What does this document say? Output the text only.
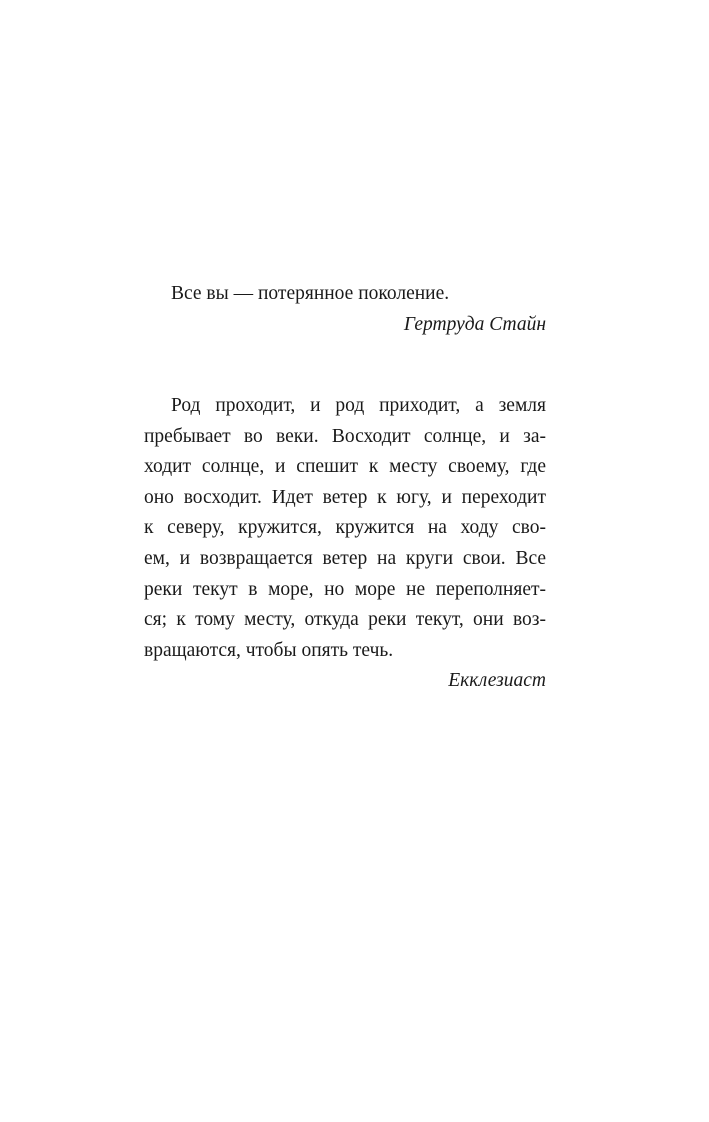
Все вы — потерянное поколение.
Гертруда Стайн
Род проходит, и род приходит, а земля
пребывает во веки. Восходит солнце, и за-
ходит солнце, и спешит к месту своему, где
оно восходит. Идет ветер к югу, и переходит
к северу, кружится, кружится на ходу сво-
ем, и возвращается ветер на круги свои. Все
реки текут в море, но море не переполняет-
ся; к тому месту, откуда реки текут, они воз-
вращаются, чтобы опять течь.
Екклезиаст
